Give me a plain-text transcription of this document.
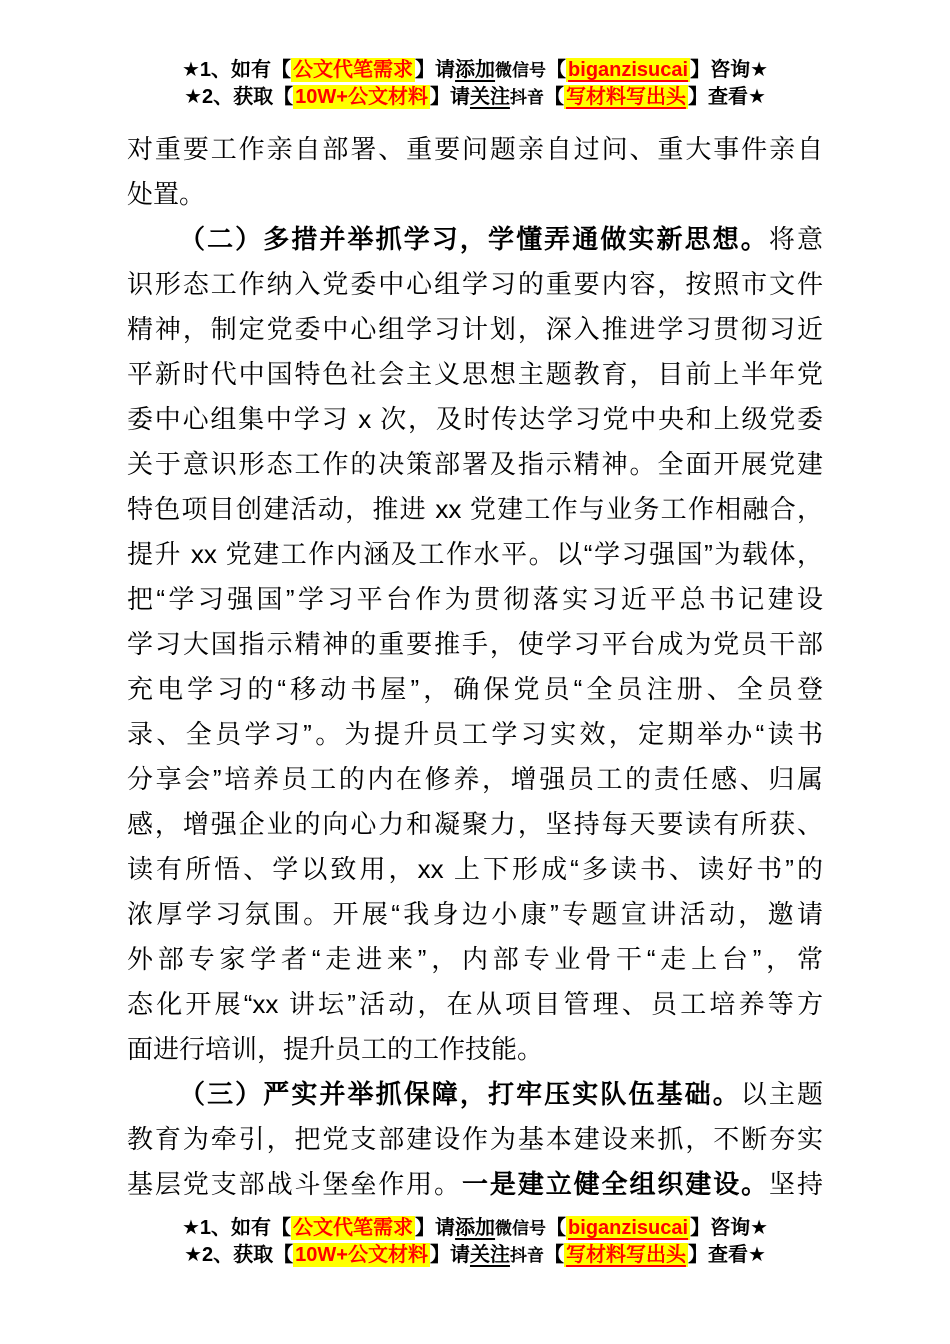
★1、如有【 公文代笔需求 】请添加微信号【 biganzisucai 】咨询★
★2、获取【 10W+公文材料 】请关注抖音【 写材料写出头 】查看★
对重要工作亲自部署、重要问题亲自过问、重大事件亲自
处置。
（二）多措并举抓学习，学懂弄通做实新思想。将意
识形态工作纳入党委中心组学习的重要内容，按照市文件
精神，制定党委中心组学习计划，深入推进学习贯彻习近
平新时代中国特色社会主义思想主题教育，目前上半年党
委中心组集中学习 x 次，及时传达学习党中央和上级党委
关于意识形态工作的决策部署及指示精神。全面开展党建
特色项目创建活动，推进 xx 党建工作与业务工作相融合，
提升 xx 党建工作内涵及工作水平。以“学习强国”为载体，
把“学习强国”学习平台作为贯彻落实习近平总书记建设
学习大国指示精神的重要推手，使学习平台成为党员干部
充电学习的“移动书屋”，确保党员“全员注册、全员登
录、全员学习”。为提升员工学习实效，定期举办“读书
分享会”培养员工的内在修养，增强员工的责任感、归属
感，增强企业的向心力和凝聚力，坚持每天要读有所获、
读有所悟、学以致用，xx 上下形成“多读书、读好书”的
浓厚学习氛围。开展“我身边小康”专题宣讲活动，邀请
外部专家学者“走进来”，内部专业骨干“走上台”，常
态化开展“xx 讲坛”活动，在从项目管理、员工培养等方
面进行培训，提升员工的工作技能。
（三）严实并举抓保障，打牢压实队伍基础。以主题
教育为牵引，把党支部建设作为基本建设来抓，不断夯实
基层党支部战斗堡垒作用。一是建立健全组织建设。坚持
★1、如有【 公文代笔需求 】请添加微信号【 biganzisucai 】咨询★
★2、获取【 10W+公文材料 】请关注抖音【 写材料写出头 】查看★
